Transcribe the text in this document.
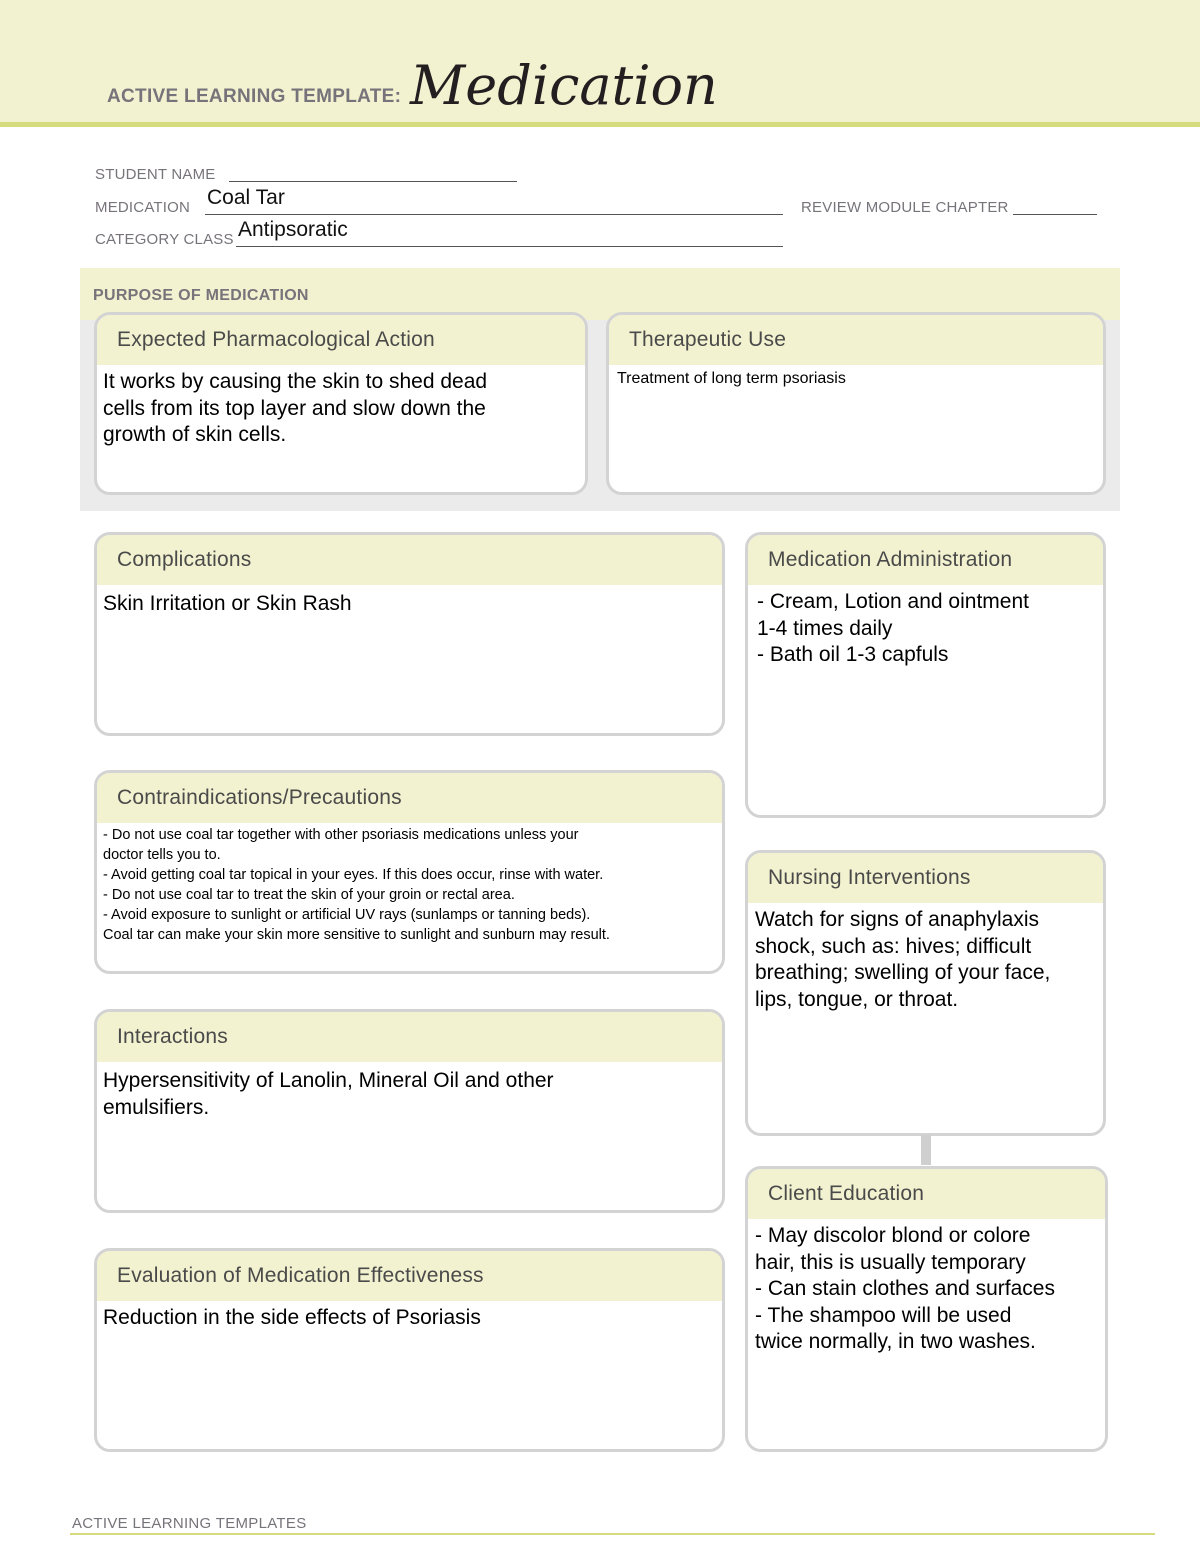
ACTIVE LEARNING TEMPLATE: Medication
STUDENT NAME
MEDICATION Coal Tar	REVIEW MODULE CHAPTER
CATEGORY CLASS Antipsoratic
PURPOSE OF MEDICATION
Expected Pharmacological Action
It works by causing the skin to shed dead
cells from its top layer and slow down the
growth of skin cells.
Therapeutic Use
Treatment of long term psoriasis
Complications
Skin Irritation or Skin Rash
Contraindications/Precautions
- Do not use coal tar together with other psoriasis medications unless your
doctor tells you to.
- Avoid getting coal tar topical in your eyes. If this does occur, rinse with water.
- Do not use coal tar to treat the skin of your groin or rectal area.
- Avoid exposure to sunlight or artificial UV rays (sunlamps or tanning beds).
Coal tar can make your skin more sensitive to sunlight and sunburn may result.
Interactions
Hypersensitivity of Lanolin, Mineral Oil and other
emulsifiers.
Evaluation of Medication Effectiveness
Reduction in the side effects of Psoriasis
Medication Administration
- Cream, Lotion and ointment
1-4 times daily
- Bath oil 1-3 capfuls
Nursing Interventions
Watch for signs of anaphylaxis
shock, such as: hives; difficult
breathing; swelling of your face,
lips, tongue, or throat.
Client Education
- May discolor blond or colore
hair, this is usually temporary
- Can stain clothes and surfaces
- The shampoo will be used
twice normally, in two washes.
ACTIVE LEARNING TEMPLATES
